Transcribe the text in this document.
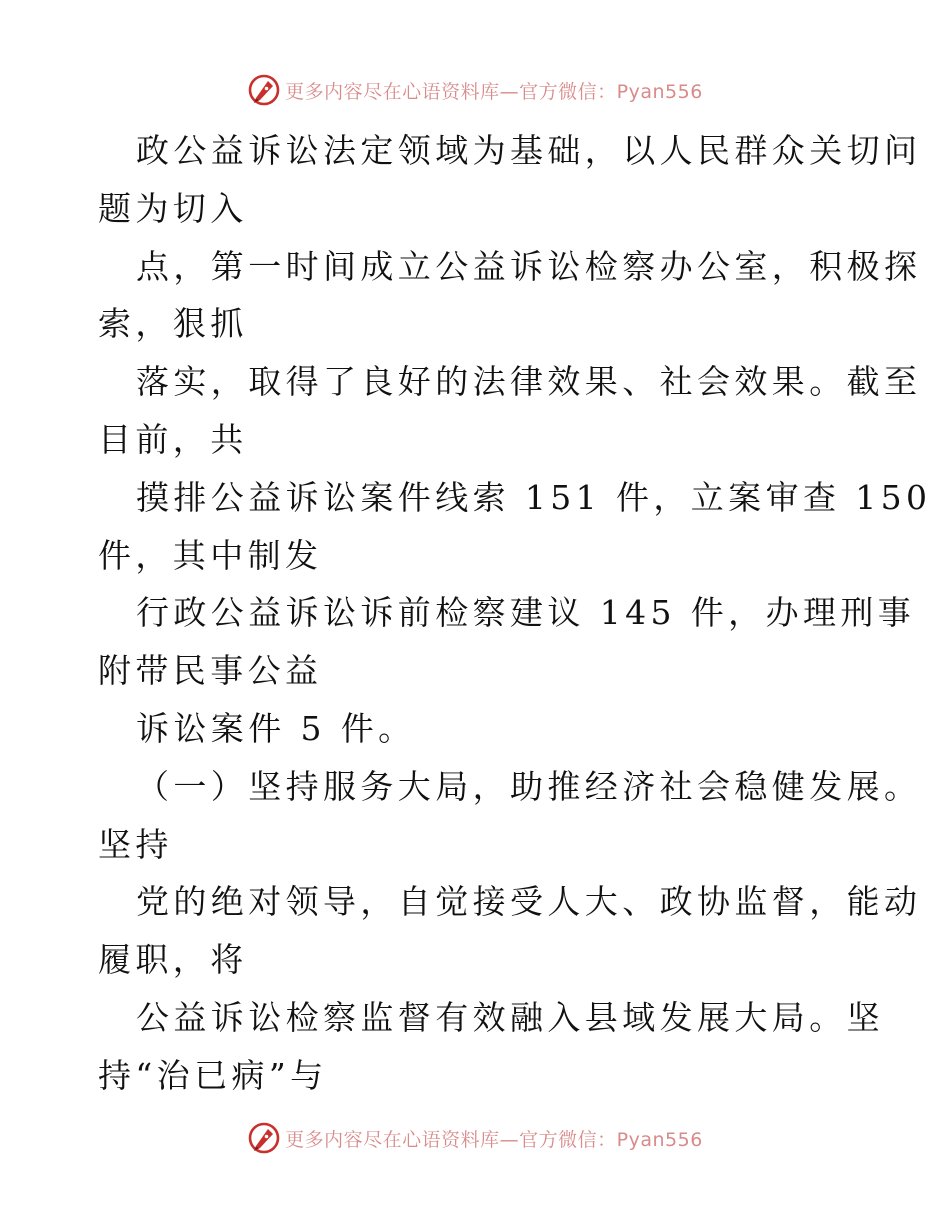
更多内容尽在心语资料库—官方微信：Pyan556
政公益诉讼法定领域为基础，以人民群众关切问
题为切入
点，第一时间成立公益诉讼检察办公室，积极探
索，狠抓
落实，取得了良好的法律效果、社会效果。截至
目前，共
摸排公益诉讼案件线索 151 件，立案审查 150
件，其中制发
行政公益诉讼诉前检察建议 145 件，办理刑事
附带民事公益
诉讼案件 5 件。
（一）坚持服务大局，助推经济社会稳健发展。
坚持
党的绝对领导，自觉接受人大、政协监督，能动
履职，将
公益诉讼检察监督有效融入县域发展大局。坚
持“治已病”与
更多内容尽在心语资料库—官方微信：Pyan556
